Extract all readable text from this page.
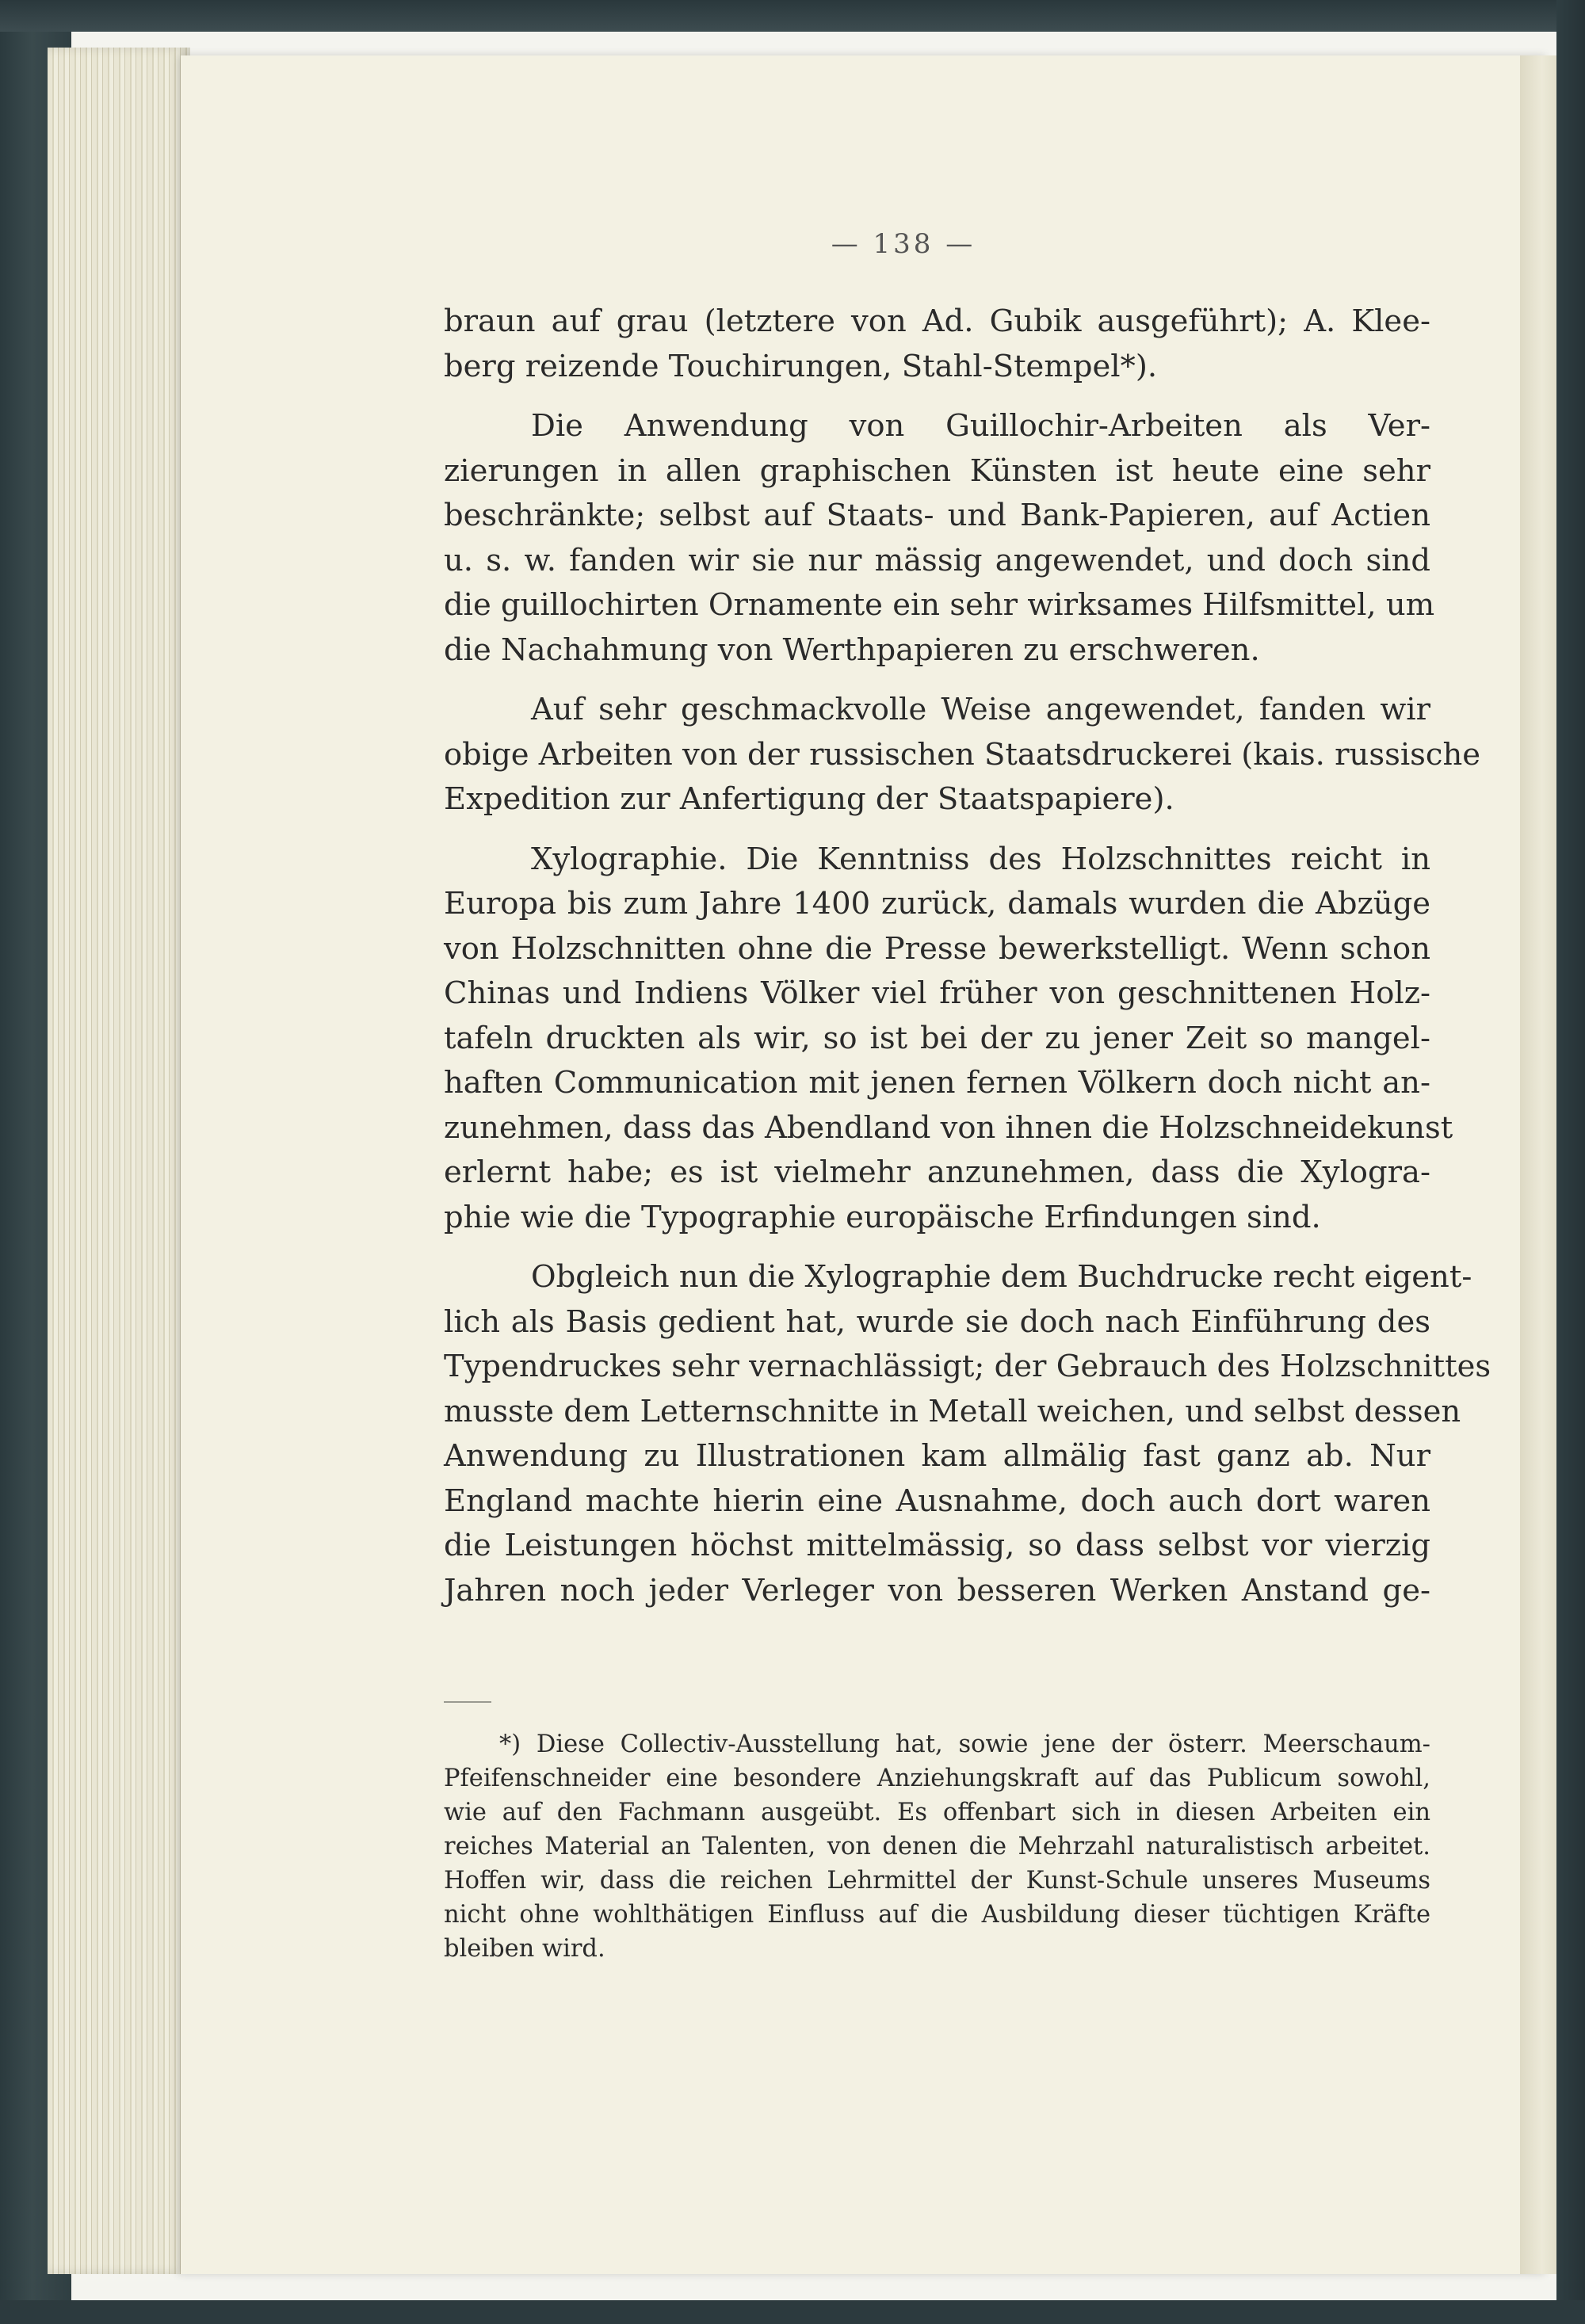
— 138 —
braun auf grau (letztere von Ad. Gubik ausgeführt); A. Klee-
berg reizende Touchirungen, Stahl-Stempel*).
Die Anwendung von Guillochir-Arbeiten als Ver-
zierungen in allen graphischen Künsten ist heute eine sehr
beschränkte; selbst auf Staats- und Bank-Papieren, auf Actien
u. s. w. fanden wir sie nur mässig angewendet, und doch sind
die guillochirten Ornamente ein sehr wirksames Hilfsmittel, um
die Nachahmung von Werthpapieren zu erschweren.
Auf sehr geschmackvolle Weise angewendet, fanden wir
obige Arbeiten von der russischen Staatsdruckerei (kais. russische
Expedition zur Anfertigung der Staatspapiere).
Xylographie. Die Kenntniss des Holzschnittes reicht in
Europa bis zum Jahre 1400 zurück, damals wurden die Abzüge
von Holzschnitten ohne die Presse bewerkstelligt. Wenn schon
Chinas und Indiens Völker viel früher von geschnittenen Holz-
tafeln druckten als wir, so ist bei der zu jener Zeit so mangel-
haften Communication mit jenen fernen Völkern doch nicht an-
zunehmen, dass das Abendland von ihnen die Holzschneidekunst
erlernt habe; es ist vielmehr anzunehmen, dass die Xylogra-
phie wie die Typographie europäische Erfindungen sind.
Obgleich nun die Xylographie dem Buchdrucke recht eigent-
lich als Basis gedient hat, wurde sie doch nach Einführung des
Typendruckes sehr vernachlässigt; der Gebrauch des Holzschnittes
musste dem Letternschnitte in Metall weichen, und selbst dessen
Anwendung zu Illustrationen kam allmälig fast ganz ab. Nur
England machte hierin eine Ausnahme, doch auch dort waren
die Leistungen höchst mittelmässig, so dass selbst vor vierzig
Jahren noch jeder Verleger von besseren Werken Anstand ge-
*) Diese Collectiv-Ausstellung hat, sowie jene der österr. Meerschaum-
Pfeifenschneider eine besondere Anziehungskraft auf das Publicum sowohl,
wie auf den Fachmann ausgeübt. Es offenbart sich in diesen Arbeiten ein
reiches Material an Talenten, von denen die Mehrzahl naturalistisch arbeitet.
Hoffen wir, dass die reichen Lehrmittel der Kunst-Schule unseres Museums
nicht ohne wohlthätigen Einfluss auf die Ausbildung dieser tüchtigen Kräfte
bleiben wird.
